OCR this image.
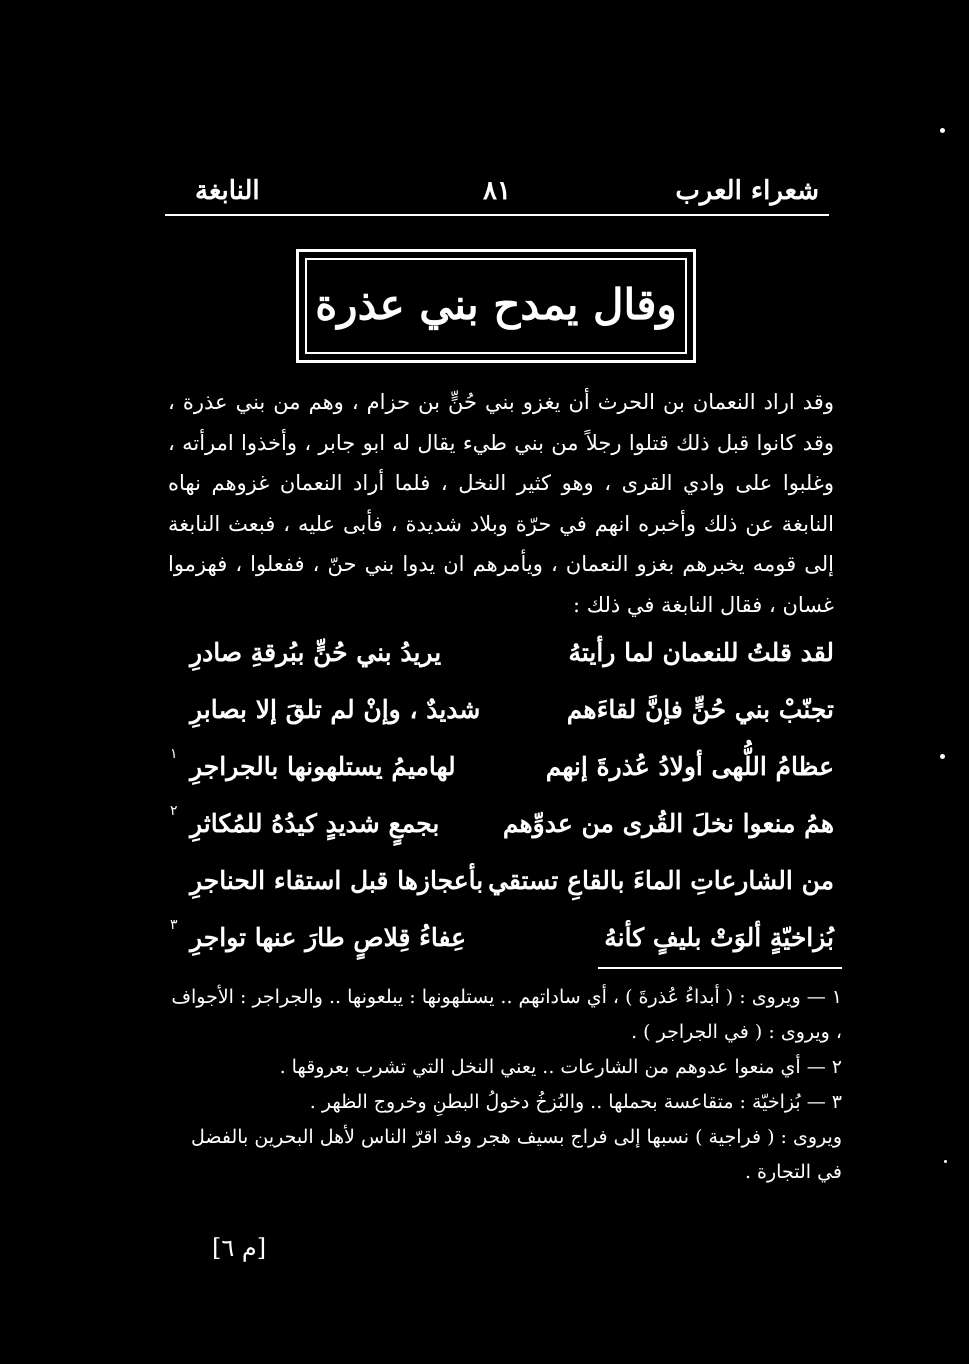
شعراء العرب
٨١
النابغة
وقال يمدح بني عذرة

وقد اراد النعمان بن الحرث أن يغزو بني حُنٍّ بن حزام ، وهم من بني عذرة ، وقد كانوا قبل ذلك قتلوا رجلاً من بني طيء يقال له ابو جابر ، وأخذوا امرأته ، وغلبوا على وادي القرى ، وهو كثير النخل ، فلما أراد النعمان غزوهم نهاه النابغة عن ذلك وأخبره انهم في حرّة وبلاد شديدة ، فأبى عليه ، فبعث النابغة إلى قومه يخبرهم بغزو النعمان ، ويأمرهم ان يدوا بني حنّ ، ففعلوا ، فهزموا غسان ، فقال النابغة في ذلك :

لقد قلتُ للنعمان لما رأيتهُ
يريدُ بني حُنٍّ ببُرقةِ صادرِ
تجنّبْ بني حُنٍّ فإنَّ لقاءَهم
شديدٌ ، وإنْ لم تلقَ إلا بصابرِ
عظامُ اللُّهى أولادُ عُذرةَ إنهم
لهاميمُ يستلهونها بالجراجرِ
١
همُ منعوا نخلَ القُرى من عدوِّهم
بجمعٍ شديدٍ كيدُهُ للمُكاثرِ
٢
من الشارعاتِ الماءَ بالقاعِ تستقي
بأعجازها قبل استقاء الحناجرِ
بُزاخيّةٍ ألوَتْ بليفٍ كأنهُ
عِفاءُ قِلاصٍ طارَ عنها تواجرِ
٣

١ — ويروى : ( أبداءُ عُذرةَ ) ، أي ساداتهم .. يستلهونها : يبلعونها .. والجراجر : الأجواف ، ويروى : ( في الجراجر ) .

٢ — أي منعوا عدوهم من الشارعات .. يعني النخل التي تشرب بعروقها .

٣ — بُزاخيّة : متقاعسة بحملها .. والبُزخُ دخولُ البطنِ وخروج الظهر .

ويروى : ( فراجية ) نسبها إلى فراج بسيف هجر وقد اقرّ الناس لأهل البحرين بالفضل في التجارة .

[م ٦]
